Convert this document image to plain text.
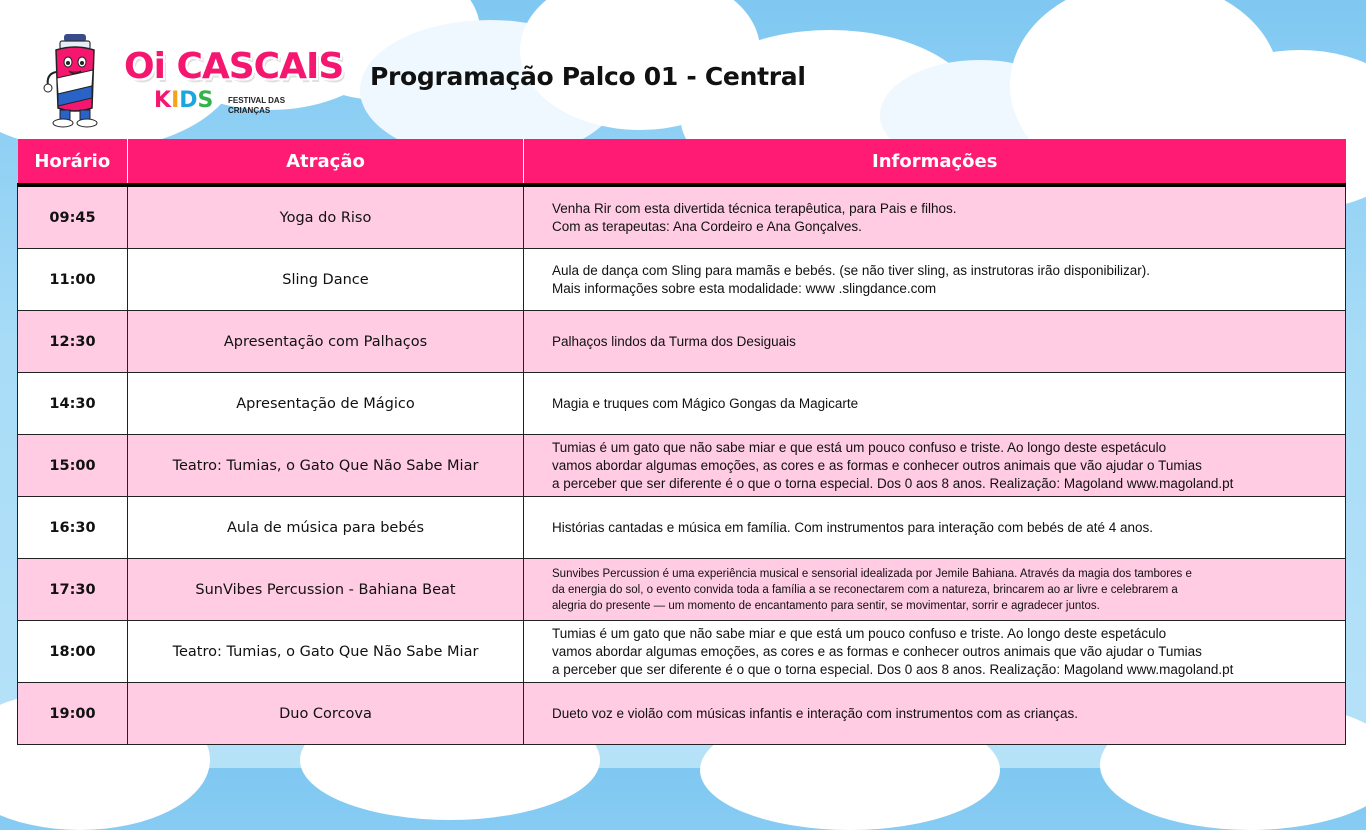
Oi CASCAIS
KIDS FESTIVAL DAS
CRIANÇAS
Programação Palco 01 - Central
Horário	Atração	Informações
09:45	Yoga do Riso	Venha Rir com esta divertida técnica terapêutica, para Pais e filhos.
Com as terapeutas: Ana Cordeiro e Ana Gonçalves.

11:00	Sling Dance	Aula de dança com Sling para mamãs e bebés. (se não tiver sling, as instrutoras irão disponibilizar).
Mais informações sobre esta modalidade: www .slingdance.com

12:30	Apresentação com Palhaços	Palhaços lindos da Turma dos Desiguais

14:30	Apresentação de Mágico	Magia e truques com Mágico Gongas da Magicarte

15:00	Teatro: Tumias, o Gato Que Não Sabe Miar	Tumias é um gato que não sabe miar e que está um pouco confuso e triste. Ao longo deste espetáculo
vamos abordar algumas emoções, as cores e as formas e conhecer outros animais que vão ajudar o Tumias
a perceber que ser diferente é o que o torna especial. Dos 0 aos 8 anos. Realização: Magoland www.magoland.pt

16:30	Aula de música para bebés	Histórias cantadas e música em família. Com instrumentos para interação com bebés de até 4 anos.

17:30	SunVibes Percussion - Bahiana Beat	Sunvibes Percussion é uma experiência musical e sensorial idealizada por Jemile Bahiana. Através da magia dos tambores e
da energia do sol, o evento convida toda a família a se reconectarem com a natureza, brincarem ao ar livre e celebrarem a
alegria do presente — um momento de encantamento para sentir, se movimentar, sorrir e agradecer juntos.

18:00	Teatro: Tumias, o Gato Que Não Sabe Miar	Tumias é um gato que não sabe miar e que está um pouco confuso e triste. Ao longo deste espetáculo
vamos abordar algumas emoções, as cores e as formas e conhecer outros animais que vão ajudar o Tumias
a perceber que ser diferente é o que o torna especial. Dos 0 aos 8 anos. Realização: Magoland www.magoland.pt

19:00	Duo Corcova	Dueto voz e violão com músicas infantis e interação com instrumentos com as crianças.
